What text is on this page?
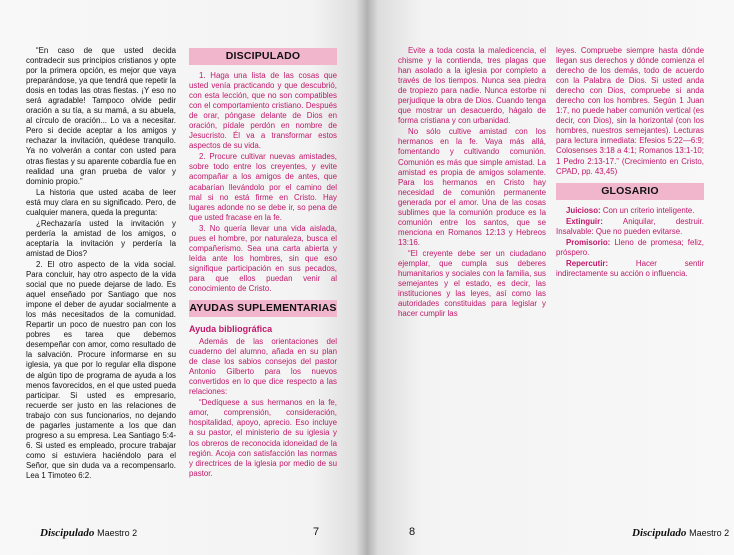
“En caso de que usted decida contradecir sus principios cristianos y opte por la primera opción, es mejor que vaya preparándose, ya que tendrá que repetir la dosis en todas las otras fiestas. ¡Y eso no será agradable! Tampoco olvide pedir oración a su tía, a su mamá, a su abuela, al círculo de oración... Lo va a necesitar. Pero si decide aceptar a los amigos y rechazar la invitación, quédese tranquilo. Ya no volverán a contar con usted para otras fiestas y su aparente cobardía fue en realidad una gran prueba de valor y dominio propio.”

La historia que usted acaba de leer está muy clara en su significado. Pero, de cualquier manera, queda la pregunta:

¿Rechazaría usted la invitación y perdería la amistad de los amigos, o aceptaría la invitación y perdería la amistad de Dios?

2. El otro aspecto de la vida social. Para concluir, hay otro aspecto de la vida social que no puede dejarse de lado. Es aquel enseñado por Santiago que nos impone el deber de ayudar socialmente a los más necesitados de la comunidad. Repartir un poco de nuestro pan con los pobres es tarea que debemos desempeñar con amor, como resultado de la salvación. Procure informarse en su iglesia, ya que por lo regular ella dispone de algún tipo de programa de ayuda a los menos favorecidos, en el que usted pueda participar. Si usted es empresario, recuerde ser justo en las relaciones de trabajo con sus funcionarios, no dejando de pagarles justamente a los que dan progreso a su empresa. Lea Santiago 5:4-6. Si usted es empleado, procure trabajar como si estuviera haciéndolo para el Señor, que sin duda va a recompensarlo. Lea 1 Timoteo 6:2.

DISCIPULADO

1. Haga una lista de las cosas que usted venía practicando y que descubrió, con esta lección, que no son compatibles con el comportamiento cristiano. Después de orar, póngase delante de Dios en oración, pídale perdón en nombre de Jesucristo. Él va a transformar estos aspectos de su vida.

2. Procure cultivar nuevas amistades, sobre todo entre los creyentes, y evite acompañar a los amigos de antes, que acabarían llevándolo por el camino del mal si no está firme en Cristo. Hay lugares adonde no se debe ir, so pena de que usted fracase en la fe.

3. No quería llevar una vida aislada, pues el hombre, por naturaleza, busca el compañerismo. Sea una carta abierta y leída ante los hombres, sin que eso signifique participación en sus pecados, para que ellos puedan venir al conocimiento de Cristo.

AYUDAS SUPLEMENTARIAS
Ayuda bibliográfica

Además de las orientaciones del cuaderno del alumno, añada en su plan de clase los sabios consejos del pastor Antonio Gilberto para los nuevos convertidos en lo que dice respecto a las relaciones:

“Dedíquese a sus hermanos en la fe, amor, comprensión, consideración, hospitalidad, apoyo, aprecio. Eso incluye a su pastor, el ministerio de su iglesia y los obreros de reconocida idoneidad de la región. Acoja con satisfacción las normas y directrices de la iglesia por medio de su pastor.

Discipulado Maestro 2	7

Evite a toda costa la maledicencia, el chisme y la contienda, tres plagas que han asolado a la iglesia por completo a través de los tiempos. Nunca sea piedra de tropiezo para nadie. Nunca estorbe ni perjudique la obra de Dios. Cuando tenga que mostrar un desacuerdo, hágalo de forma cristiana y con urbanidad.

No sólo cultive amistad con los hermanos en la fe. Vaya más allá, fomentando y cultivando comunión. Comunión es más que simple amistad. La amistad es propia de amigos solamente. Para los hermanos en Cristo hay necesidad de comunión permanente generada por el amor. Una de las cosas sublimes que la comunión produce es la comunión entre los santos, que se menciona en Romanos 12:13 y Hebreos 13:16.

“El creyente debe ser un ciudadano ejemplar, que cumpla sus deberes humanitarios y sociales con la familia, sus semejantes y el estado, es decir, las instituciones y las leyes, así como las autoridades constituidas para legislar y hacer cumplir las

leyes. Compruebe siempre hasta dónde llegan sus derechos y dónde comienza el derecho de los demás, todo de acuerdo con la Palabra de Dios. Si usted anda derecho con Dios, compruebe si anda derecho con los hombres. Según 1 Juan 1:7, no puede haber comunión vertical (es decir, con Dios), sin la horizontal (con los hombres, nuestros semejantes). Lecturas para lectura inmediata: Efesios 5:22—6:9; Colosenses 3:18 a 4:1; Romanos 13:1-10; 1 Pedro 2:13-17.” (Crecimiento en Cristo, CPAD, pp. 43,45)

GLOSARIO

Juicioso: Con un criterio inteligente.

Extinguir: Aniquilar, destruir. Insalvable: Que no pueden evitarse.

Promisorio: Lleno de promesa; feliz, próspero.

Repercutir: Hacer sentir indirectamente su acción o influencia.

8	Discipulado Maestro 2
